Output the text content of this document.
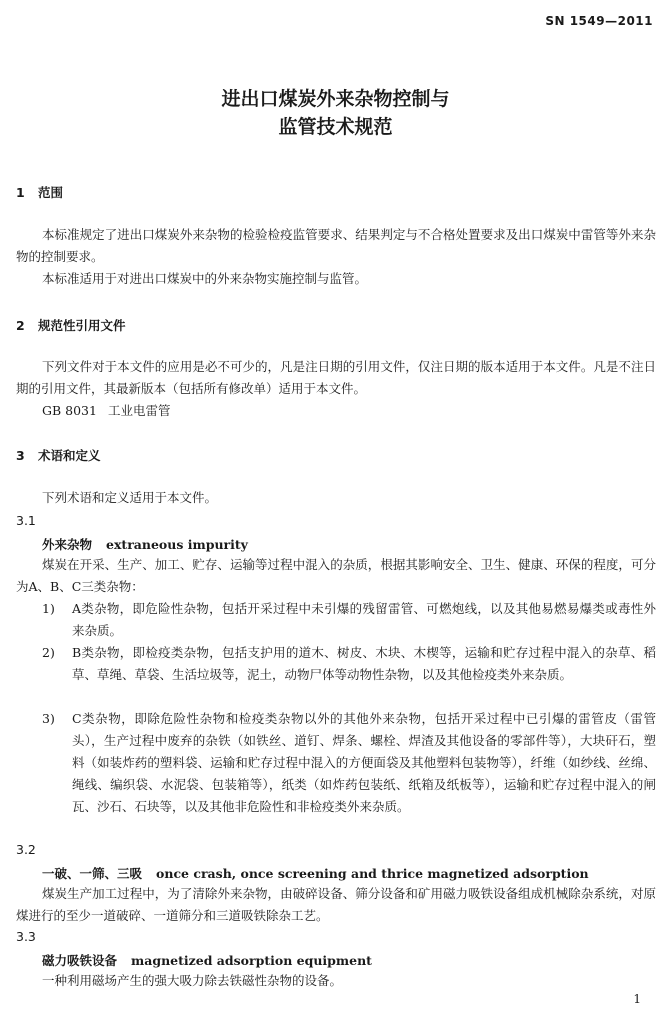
SN 1549—2011
进出口煤炭外来杂物控制与
监管技术规范
1 范围

本标准规定了进出口煤炭外来杂物的检验检疫监管要求、结果判定与不合格处置要求及出口煤炭中雷管等外来杂物的控制要求。

本标准适用于对进出口煤炭中的外来杂物实施控制与监管。

2 规范性引用文件

下列文件对于本文件的应用是必不可少的，凡是注日期的引用文件，仅注日期的版本适用于本文件。凡是不注日期的引用文件，其最新版本（包括所有修改单）适用于本文件。

GB 8031 工业电雷管
3 术语和定义

下列术语和定义适用于本文件。

3.1
外来杂物 extraneous impurity

煤炭在开采、生产、加工、贮存、运输等过程中混入的杂质，根据其影响安全、卫生、健康、环保的程度，可分为A、B、C三类杂物：

1)	A类杂物，即危险性杂物，包括开采过程中未引爆的残留雷管、可燃炮线，以及其他易燃易爆类或毒性外来杂质。
2)	B类杂物，即检疫类杂物，包括支护用的道木、树皮、木块、木楔等，运输和贮存过程中混入的杂草、稻草、草绳、草袋、生活垃圾等，泥土，动物尸体等动物性杂物，以及其他检疫类外来杂质。
3)	C类杂物，即除危险性杂物和检疫类杂物以外的其他外来杂物，包括开采过程中已引爆的雷管皮（雷管头），生产过程中废弃的杂铁（如铁丝、道钉、焊条、螺栓、焊渣及其他设备的零部件等），大块矸石，塑料（如装炸药的塑料袋、运输和贮存过程中混入的方便面袋及其他塑料包装物等），纤维（如纱线、丝绵、绳线、编织袋、水泥袋、包装箱等），纸类（如炸药包装纸、纸箱及纸板等），运输和贮存过程中混入的闸瓦、沙石、石块等，以及其他非危险性和非检疫类外来杂质。
3.2
一破、一筛、三吸 once crash, once screening and thrice magnetized adsorption

煤炭生产加工过程中，为了清除外来杂物，由破碎设备、筛分设备和矿用磁力吸铁设备组成机械除杂系统，对原煤进行的至少一道破碎、一道筛分和三道吸铁除杂工艺。

3.3
磁力吸铁设备 magnetized adsorption equipment

一种利用磁场产生的强大吸力除去铁磁性杂物的设备。

1
